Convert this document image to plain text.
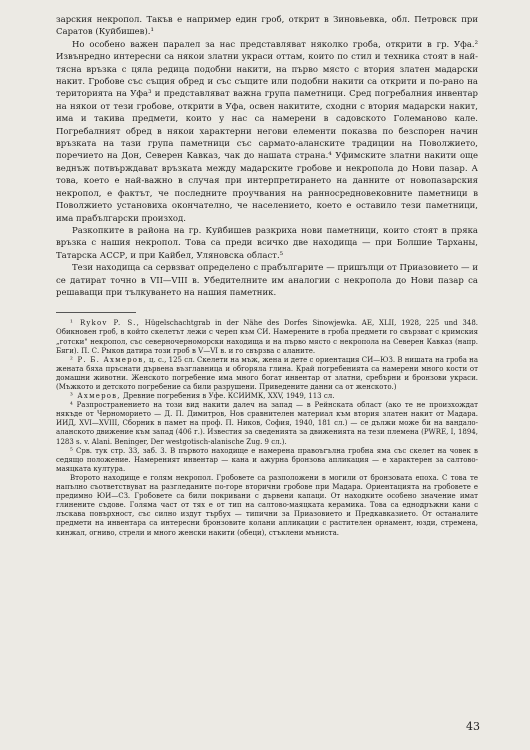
зарския некропол. Такъв е например един гроб, открит в Зиновьевка, обл. Петровск при Саратов (Куйбишев).¹

Но особено важен паралел за нас представляват няколко гроба, открити в гр. Уфа.² Извънредно интересни са някои златни украси оттам, които по стил и техника стоят в най-тясна връзка с цяла редица подобни накити, на първо място с втория златен мадарски накит. Гробове със същия обред и със същите или подобни накити са открити и по-рано на територията на Уфа³ и представляват важна група паметници. Сред погребалния инвентар на някои от тези гробове, открити в Уфа, освен накитите, сходни с втория мадарски накит, има и такива предмети, които у нас са намерени в садовското Големаново кале. Погребалният обред в някои характерни негови елементи показва по безспорен начин връзката на тази група паметници със сармато-аланските традиции на Поволжието, поречието на Дон, Северен Кавказ, чак до нашата страна.⁴ Уфимските златни накити още веднъж потвърждават връзката между мадарските гробове и некропола до Нови пазар. А това, което е най-важно в случая при интерпретирането на данните от новопазарския некропол, е фактът, че последните проучвания на ранносредновековните паметници в Поволжието установиха окончателно, че населението, което е оставило тези паметници, има прабългарски произход.

Разкопките в района на гр. Куйбишев разкриха нови паметници, които стоят в пряка връзка с нашия некропол. Това са преди всичко две находища — при Болшие Тарханы, Татарска АССР, и при Кайбел, Уляновска област.⁵

Тези находища са сервзват определено с прабългарите — пришълци от Приазовието — и се датират точно в VII—VIII в. Убедителните им аналогии с некропола до Нови пазар са решаващи при тълкуването на нашия паметник.

¹ Rykov P. S., Hügelschachtgrab in der Nähe des Dorfes Sinowjewka. AE, XLII, 1928, 225 und 348. Обикновен гроб, в който скелетът лежи с череп към СИ. Намерените в гроба предмети го свързват с кримския „готски" некропол, със северночерноморски находища и на първо място с некропола на Северен Кавказ (напр. Бяги). П. С. Рыков датира този гроб в V—VI в. и го свързва с аланите.

² Р. Б. Ахмеров, ц. с., 125 сл. Скелети на мъж, жена и дете с ориентация СИ—ЮЗ. В нишата на гроба на жената бяха пръснати дървена възглавница и обгорялa глина. Край погребенията са намерени много кости от домашни животни. Женското погребение има много богат инвентар от златни, сребърни и бронзови украси. (Мъжкото и детското погребение са били разрушени. Приведените данни са от женското.)

³ Ахмеров, Древние погребения в Уфе. КСИИМК, XXV, 1949, 113 сл.

⁴ Разпространението на този вид накити далеч на запад — в Рейнската област (ако те не произхождат някъде от Черноморието — Д. П. Димитров, Нов сравнителен материал към втория златен накит от Мадара. ИИД, XVI—XVIII, Сборник в памет на проф. П. Ников, София, 1940, 181 сл.) — се дължи може би на вандало-аланското движение към запад (406 г.). Известия за сведенията за движенията на тези племена (PWRE, I, 1894, 1283 s. v. Alani. Beninger, Der westgotisch-alanische Zug. 9 сл.).

⁵ Срв. тук стр. 33, заб. 3. В първото находище е намерена правоъгълна гробна яма със скелет на човек в седящо положение. Намереният инвентар — кана и ажурна бронзова апликация — е характерен за салтово-маяцката култура.

Второто находище е голям некропол. Гробовете са разположени в могили от бронзовата епоха. С това те напълно съответствуват на разгледаните по-горе вторични гробове при Мадара. Ориентацията на гробовете е предимно ЮИ—СЗ. Гробовете са били покривани с дървени капаци. От находките особено значение имат глинените съдове. Голяма част от тях е от тип на салтово-маяцката керамика. Това са еднодръжни кани с лъскава повърхност, със силно издут търбух — типични за Приазовието и Предкавказието. От останалите предмети на инвентара са интересни бронзовите колани апликации с растителен орнамент, юзди, стремена, кинжал, огниво, стрели и много женски накити (обеци), стъклени мъниста.

43
